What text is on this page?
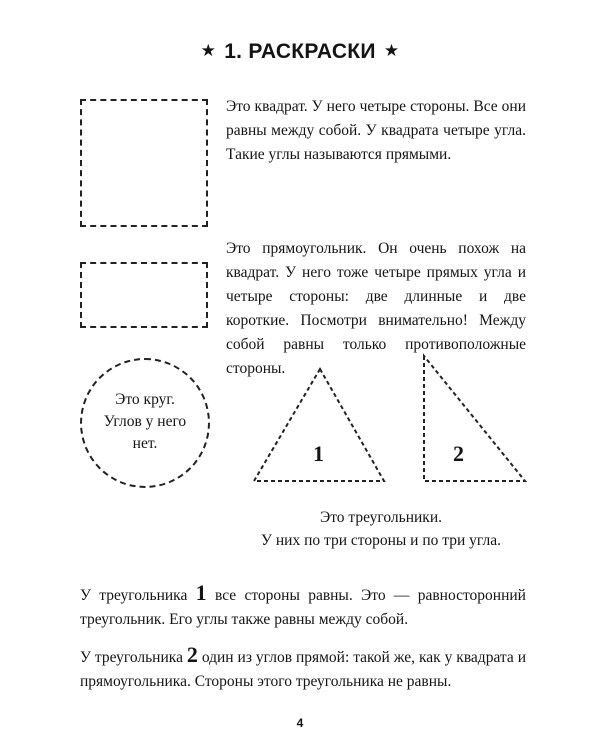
★ 1. РАСКРАСКИ ★
Это квадрат. У него четыре стороны. Все они равны между собой. У квадрата четыре угла. Такие углы называются прямыми.
Это прямоугольник. Он очень похож на квадрат. У него тоже четыре прямых угла и четыре стороны: две длинные и две короткие. Посмотри внимательно! Между собой равны только противоположные стороны.
Это круг.
Углов у него
нет.	1	2
Это треугольники.
У них по три стороны и по три угла.
У треугольника 1 все стороны равны. Это — равносторонний треугольник. Его углы также равны между собой.
У треугольника 2 один из углов прямой: такой же, как у квадрата и прямоугольника. Стороны этого треугольника не равны.
4
